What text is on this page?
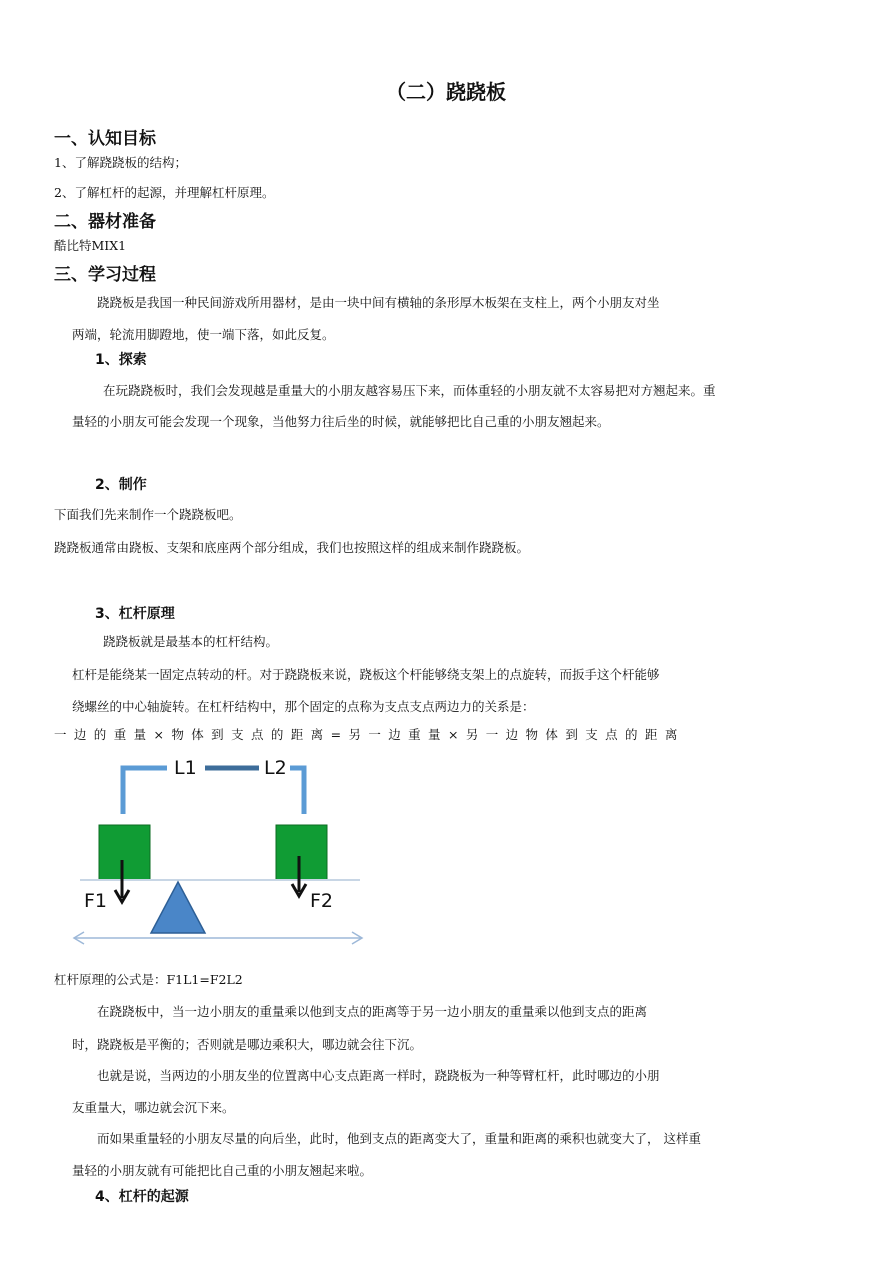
（二）跷跷板
一、认知目标
1、了解跷跷板的结构；
2、了解杠杆的起源，并理解杠杆原理。
二、器材准备
酷比特MIX1
三、学习过程
跷跷板是我国一种民间游戏所用器材，是由一块中间有横轴的条形厚木板架在支柱上，两个小朋友对坐
两端，轮流用脚蹬地，使一端下落，如此反复。
1、探索
在玩跷跷板时，我们会发现越是重量大的小朋友越容易压下来，而体重轻的小朋友就不太容易把对方翘起来。重
量轻的小朋友可能会发现一个现象，当他努力往后坐的时候，就能够把比自己重的小朋友翘起来。
2、制作
下面我们先来制作一个跷跷板吧。
跷跷板通常由跷板、支架和底座两个部分组成，我们也按照这样的组成来制作跷跷板。
3、杠杆原理
跷跷板就是最基本的杠杆结构。
杠杆是能绕某一固定点转动的杆。对于跷跷板来说，跷板这个杆能够绕支架上的点旋转，而扳手这个杆能够
绕螺丝的中心轴旋转。在杠杆结构中，那个固定的点称为支点支点两边力的关系是：
一边的重量×物体到支点的距离=另一边重量×另一边物体到支点的距离
L1	L2
F1	F2
杠杆原理的公式是：F1L1=F2L2
在跷跷板中，当一边小朋友的重量乘以他到支点的距离等于另一边小朋友的重量乘以他到支点的距离
时，跷跷板是平衡的；否则就是哪边乘积大，哪边就会往下沉。
也就是说，当两边的小朋友坐的位置离中心支点距离一样时，跷跷板为一种等臂杠杆，此时哪边的小朋
友重量大，哪边就会沉下来。
而如果重量轻的小朋友尽量的向后坐，此时，他到支点的距离变大了，重量和距离的乘积也就变大了， 这样重
量轻的小朋友就有可能把比自己重的小朋友翘起来啦。
4、杠杆的起源
